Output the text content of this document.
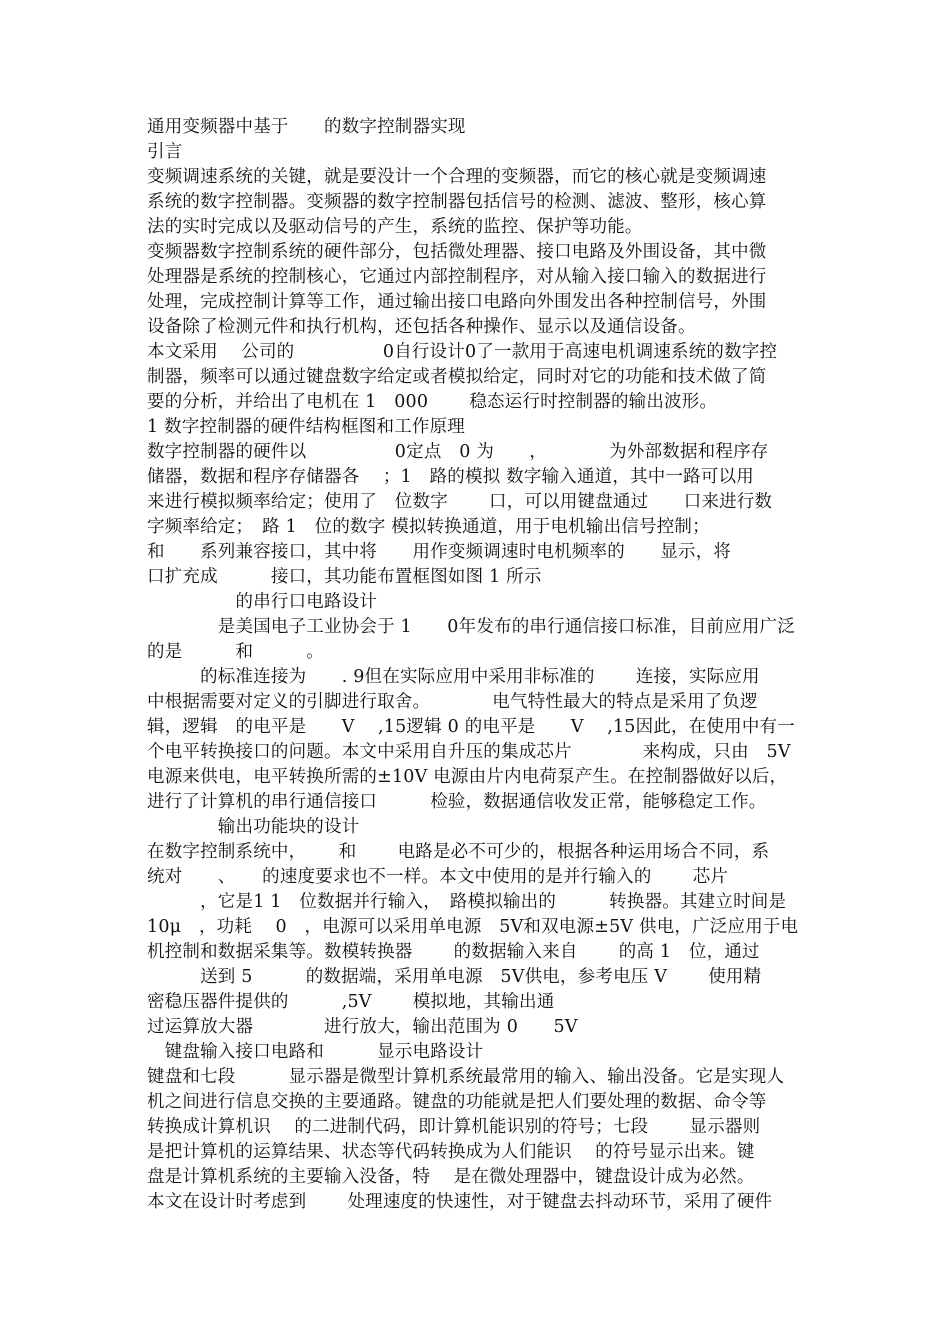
通用变频器中基于　　的数字控制器实现

引言

变频调速系统的关键，就是要没计一个合理的变频器，而它的核心就是变频调速

系统的数字控制器。变频器的数字控制器包括信号的检测、滤波、整形，核心算

法的实时完成以及驱动信号的产生，系统的监控、保护等功能。

变频器数字控制系统的硬件部分，包括微处理器、接口电路及外围设备，其中微

处理器是系统的控制核心，它通过内部控制程序，对从输入接口输入的数据进行

处理，完成控制计算等工作，通过输出接口电路向外围发出各种控制信号，外围

设备除了检测元件和执行机构，还包括各种操作、显示以及通信设备。

本文采用　 公司的　　　　　0自行设计0了一款用于高速电机调速系统的数字控

制器，频率可以通过键盘数字给定或者模拟给定，同时对它的功能和技术做了简

要的分析，并给出了电机在 1　000　　 稳态运行时控制器的输出波形。

1 数字控制器的硬件结构框图和工作原理

数字控制器的硬件以　　　　　0定点　0 为　　，　　　　为外部数据和程序存

储器，数据和程序存储器各　 ；1　路的模拟 数字输入通道，其中一路可以用

来进行模拟频率给定；使用了　位数字　　 口，可以用键盘通过　　口来进行数

字频率给定；　路 1　位的数字 模拟转换通道，用于电机输出信号控制；

和　　系列兼容接口，其中将　　用作变频调速时电机频率的　　显示，将

口扩充成　　　接口，其功能布置框图如图 1 所示

　　　　　的串行口电路设计

　　　　是美国电子工业协会于 1　　0年发布的串行通信接口标准，目前应用广泛

的是　　　和　　　。

　　　的标准连接为　　. 9但在实际应用中采用非标准的　　 连接，实际应用

中根据需要对定义的引脚进行取舍。　　　　电气特性最大的特点是采用了负逻

辑，逻辑　的电平是　　V　 ,15逻辑 0 的电平是　　V　 ,15因此，在使用中有一

个电平转换接口的问题。本文中采用自升压的集成芯片　　　　来构成，只由　5V

电源来供电，电平转换所需的±10V 电源由片内电荷泵产生。在控制器做好以后，

进行了计算机的串行通信接口　　　检验，数据通信收发正常，能够稳定工作。

　　　　输出功能块的设计

在数字控制系统中，　　 和　　 电路是必不可少的，根据各种运用场合不同，系

统对　　、　　的速度要求也不一样。本文中使用的是并行输入的　　 芯片

　　　，它是1 1　位数据并行输入，　路模拟输出的　　　转换器。其建立时间是

10μ　，功耗　 0　，电源可以采用单电源　5V和双电源±5V 供电，广泛应用于电

机控制和数据采集等。数模转换器　　 的数据输入来自　　 的高 1　位，通过

　　　送到 5　　　的数据端，采用单电源　5V供电，参考电压 V　　 使用精

密稳压器件提供的　　　,5V　　 模拟地，其输出通

过运算放大器　　　　进行放大，输出范围为 0　　5V

　键盘输入接口电路和　　　显示电路设计

键盘和七段　　　显示器是微型计算机系统最常用的输入、输出没备。它是实现人

机之间进行信息交换的主要通路。键盘的功能就是把人们要处理的数据、命令等

转换成计算机识　 的二进制代码，即计算机能识别的符号；七段　　 显示器则

是把计算机的运算结果、状态等代码转换成为人们能识　 的符号显示出来。键

盘是计算机系统的主要输入没备，特　 是在微处理器中，键盘设计成为必然。

本文在设计时考虑到　　 处理速度的快速性，对于键盘去抖动环节，采用了硬件
